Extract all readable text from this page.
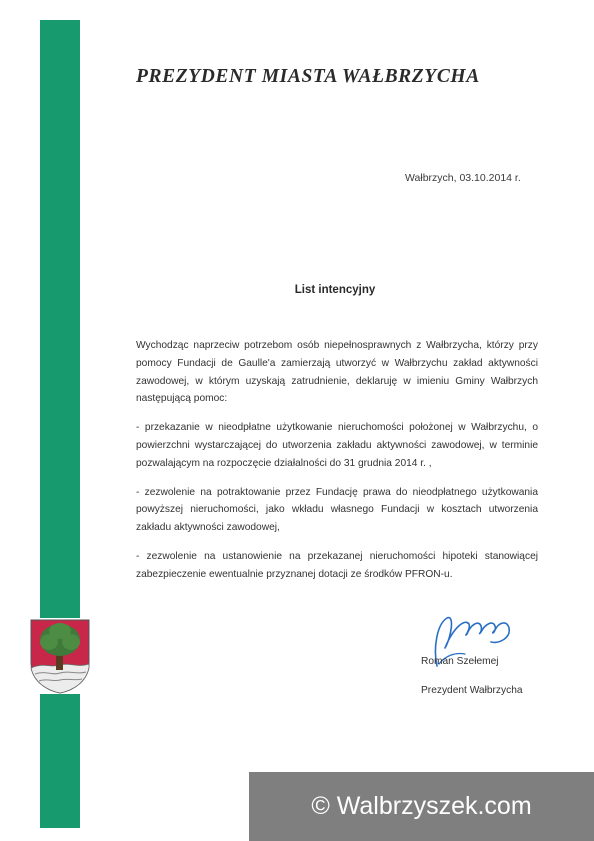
PREZYDENT MIASTA WAŁBRZYCHA
Wałbrzych, 03.10.2014 r.
List intencyjny

Wychodząc naprzeciw potrzebom osób niepełnosprawnych z Wałbrzycha, którzy przy pomocy Fundacji de Gaulle'a zamierzają utworzyć w Wałbrzychu zakład aktywności zawodowej, w którym uzyskają zatrudnienie, deklaruję w imieniu Gminy Wałbrzych następującą pomoc:

- przekazanie w nieodpłatne użytkowanie nieruchomości położonej w Wałbrzychu, o powierzchni wystarczającej do utworzenia zakładu aktywności zawodowej, w terminie pozwalającym na rozpoczęcie działalności do 31 grudnia 2014 r. ,

- zezwolenie na potraktowanie przez Fundację prawa do nieodpłatnego użytkowania powyższej nieruchomości, jako wkładu własnego Fundacji w kosztach utworzenia zakładu aktywności zawodowej,

- zezwolenie na ustanowienie na przekazanej nieruchomości hipoteki stanowiącej zabezpieczenie ewentualnie przyznanej dotacji ze środków PFRON-u.

Roman Szełemej
Prezydent Wałbrzycha
© Walbrzyszek.com
